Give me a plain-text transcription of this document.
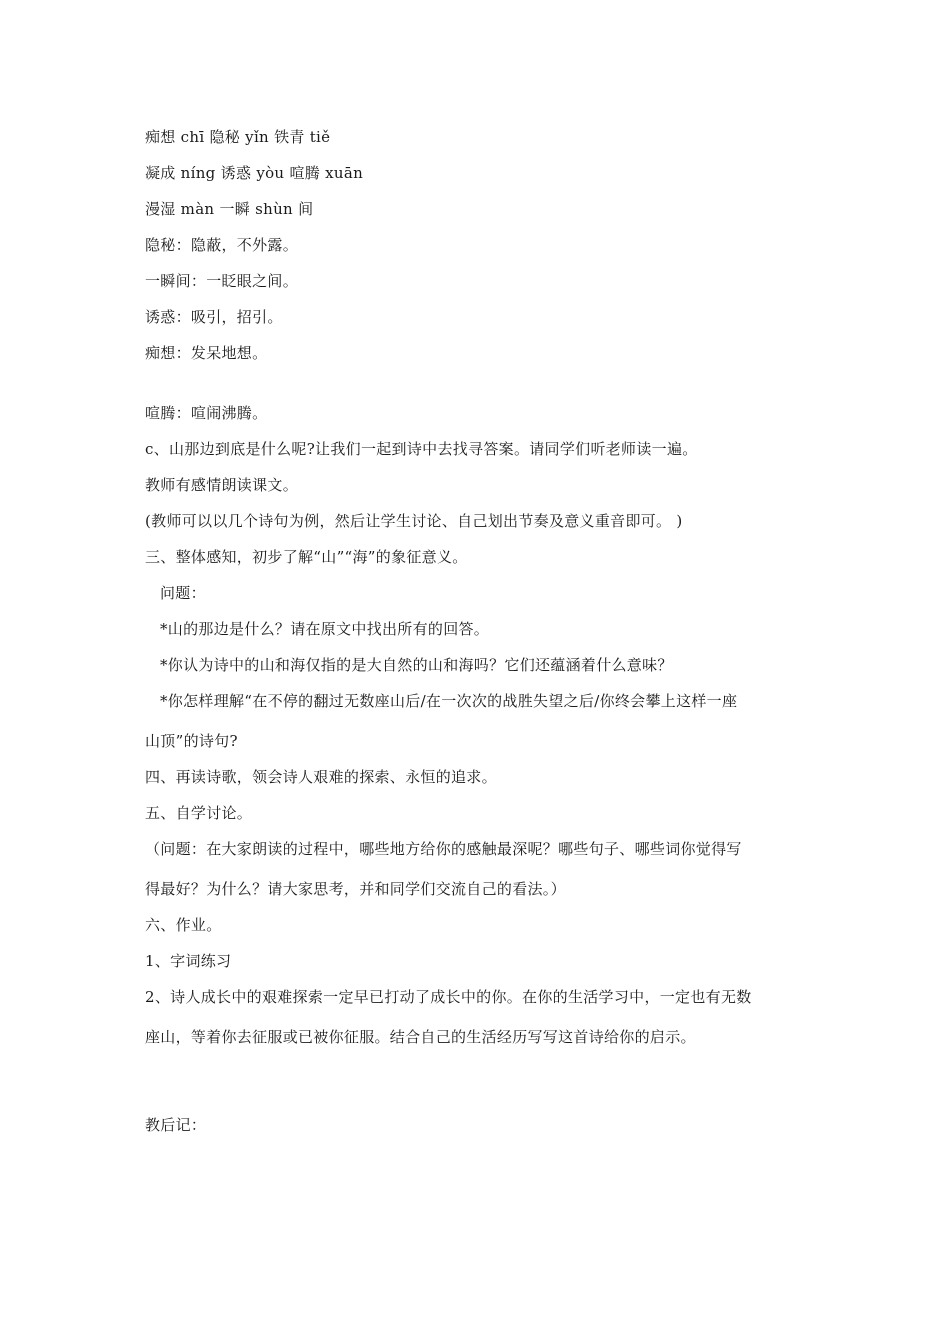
痴想 chī 隐秘 yǐn 铁青 tiě
凝成 níng 诱惑 yòu 喧腾 xuān
漫湿 màn 一瞬 shùn 间
隐秘：隐蔽，不外露。
一瞬间：一眨眼之间。
诱惑：吸引，招引。
痴想：发呆地想。
喧腾：喧闹沸腾。
c、山那边到底是什么呢?让我们一起到诗中去找寻答案。请同学们听老师读一遍。
教师有感情朗读课文。
(教师可以以几个诗句为例，然后让学生讨论、自己划出节奏及意义重音即可。 )
三、整体感知，初步了解“山”“海”的象征意义。
问题：
*山的那边是什么？请在原文中找出所有的回答。
*你认为诗中的山和海仅指的是大自然的山和海吗？它们还蕴涵着什么意味？
*你怎样理解“在不停的翻过无数座山后/在一次次的战胜失望之后/你终会攀上这样一座
山顶”的诗句?
四、再读诗歌，领会诗人艰难的探索、永恒的追求。
五、自学讨论。
（问题：在大家朗读的过程中，哪些地方给你的感触最深呢？哪些句子、哪些词你觉得写
得最好？为什么？请大家思考，并和同学们交流自己的看法。）
六、作业。
1、字词练习
2、诗人成长中的艰难探索一定早已打动了成长中的你。在你的生活学习中，一定也有无数
座山，等着你去征服或已被你征服。结合自己的生活经历写写这首诗给你的启示。
教后记：
